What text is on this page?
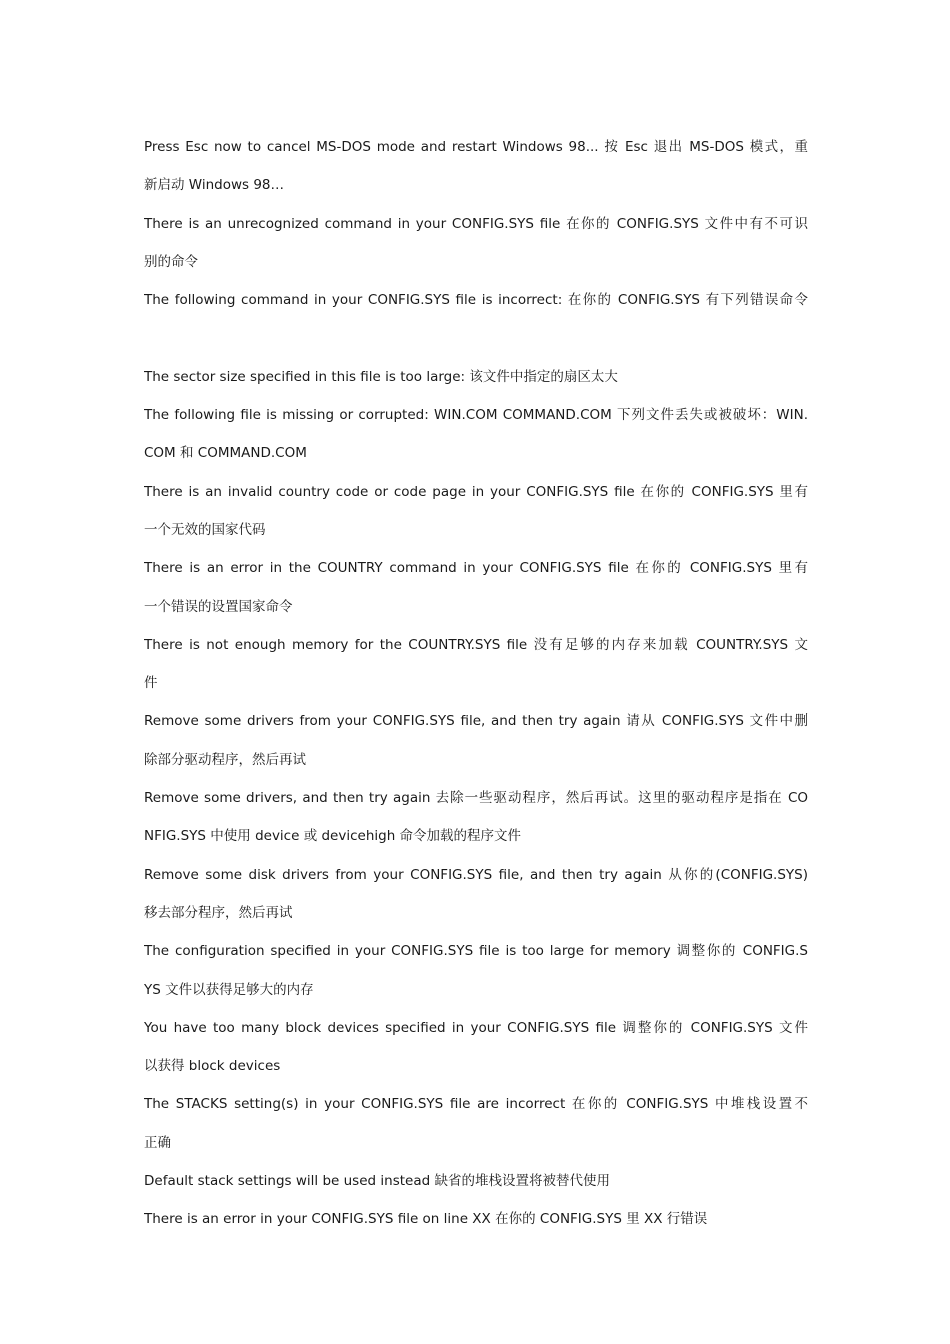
Press Esc now to cancel MS-DOS mode and restart Windows 98... 按 Esc 退出 MS-DOS 模式，重
新启动 Windows 98…
There is an unrecognized command in your CONFIG.SYS file 在你的 CONFIG.SYS 文件中有不可识
别的命令
The following command in your CONFIG.SYS file is incorrect: 在你的 CONFIG.SYS 有下列错误命令
The sector size specified in this file is too large: 该文件中指定的扇区太大
The following file is missing or corrupted: WIN.COM COMMAND.COM 下列文件丢失或被破坏：WIN.
COM 和 COMMAND.COM
There is an invalid country code or code page in your CONFIG.SYS file 在你的 CONFIG.SYS 里有
一个无效的国家代码
There is an error in the COUNTRY command in your CONFIG.SYS file 在你的 CONFIG.SYS 里有
一个错误的设置国家命令
There is not enough memory for the COUNTRY.SYS file 没有足够的内存来加载 COUNTRY.SYS 文
件
Remove some drivers from your CONFIG.SYS file, and then try again 请从 CONFIG.SYS 文件中删
除部分驱动程序，然后再试
Remove some drivers, and then try again 去除一些驱动程序，然后再试。这里的驱动程序是指在 CO
NFIG.SYS 中使用 device 或 devicehigh 命令加载的程序文件
Remove some disk drivers from your CONFIG.SYS file, and then try again 从你的(CONFIG.SYS)
移去部分程序，然后再试
The configuration specified in your CONFIG.SYS file is too large for memory 调整你的 CONFIG.S
YS 文件以获得足够大的内存
You have too many block devices specified in your CONFIG.SYS file 调整你的 CONFIG.SYS 文件
以获得 block devices
The STACKS setting(s) in your CONFIG.SYS file are incorrect 在你的 CONFIG.SYS 中堆栈设置不
正确
Default stack settings will be used instead 缺省的堆栈设置将被替代使用
There is an error in your CONFIG.SYS file on line XX 在你的 CONFIG.SYS 里 XX 行错误
